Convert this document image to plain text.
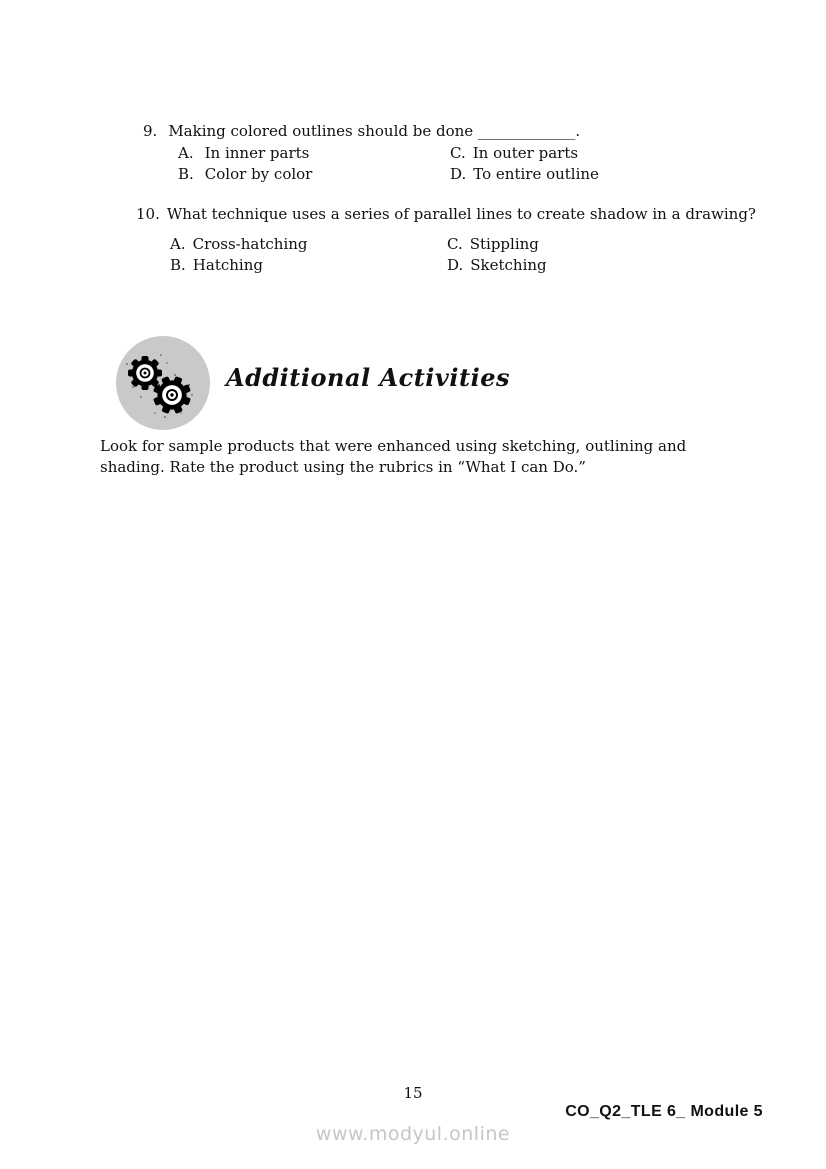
9. Making colored outlines should be done _____________.
A. In inner parts
B. Color by color
C. In outer parts
D. To entire outline
10. What technique uses a series of parallel lines to create shadow in a drawing?
A. Cross-hatching
B. Hatching
C. Stippling
D. Sketching
Additional Activities
Look for sample products that were enhanced using sketching, outlining and shading. Rate the product using the rubrics in “What I can Do.”
15
CO_Q2_TLE 6_ Module 5
www.modyul.online
